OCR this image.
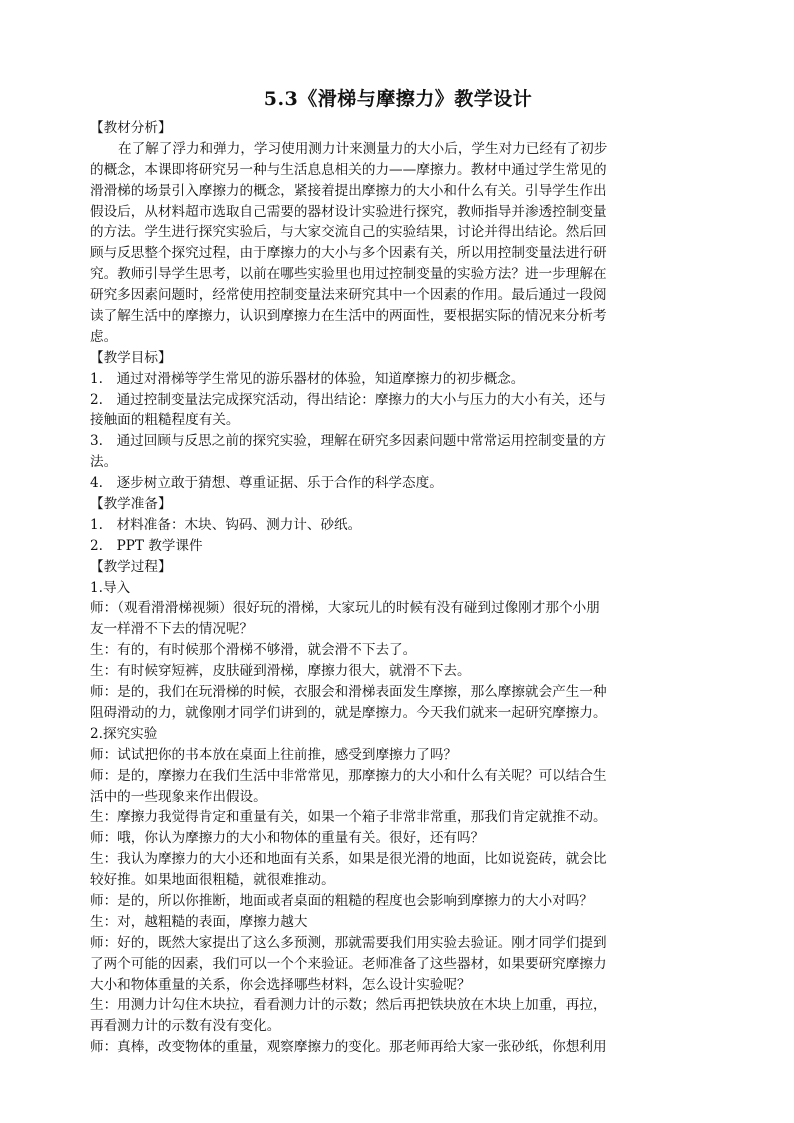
5.3《滑梯与摩擦力》教学设计
【教材分析】
在了解了浮力和弹力，学习使用测力计来测量力的大小后，学生对力已经有了初步
的概念，本课即将研究另一种与生活息息相关的力——摩擦力。教材中通过学生常见的
滑滑梯的场景引入摩擦力的概念，紧接着提出摩擦力的大小和什么有关。引导学生作出
假设后，从材料超市选取自己需要的器材设计实验进行探究，教师指导并渗透控制变量
的方法。学生进行探究实验后，与大家交流自己的实验结果，讨论并得出结论。然后回
顾与反思整个探究过程，由于摩擦力的大小与多个因素有关，所以用控制变量法进行研
究。教师引导学生思考，以前在哪些实验里也用过控制变量的实验方法？进一步理解在
研究多因素问题时，经常使用控制变量法来研究其中一个因素的作用。最后通过一段阅
读了解生活中的摩擦力，认识到摩擦力在生活中的两面性，要根据实际的情况来分析考
虑。
【教学目标】
1.　通过对滑梯等学生常见的游乐器材的体验，知道摩擦力的初步概念。
2.　通过控制变量法完成探究活动，得出结论：摩擦力的大小与压力的大小有关，还与
接触面的粗糙程度有关。
3.　通过回顾与反思之前的探究实验，理解在研究多因素问题中常常运用控制变量的方
法。
4.　逐步树立敢于猜想、尊重证据、乐于合作的科学态度。
【教学准备】
1.　材料准备：木块、钩码、测力计、砂纸。
2.　PPT 教学课件
【教学过程】
1.导入
师：（观看滑滑梯视频）很好玩的滑梯，大家玩儿的时候有没有碰到过像刚才那个小朋
友一样滑不下去的情况呢？
生：有的，有时候那个滑梯不够滑，就会滑不下去了。
生：有时候穿短裤，皮肤碰到滑梯，摩擦力很大，就滑不下去。
师：是的，我们在玩滑梯的时候，衣服会和滑梯表面发生摩擦，那么摩擦就会产生一种
阻碍滑动的力，就像刚才同学们讲到的，就是摩擦力。今天我们就来一起研究摩擦力。
2.探究实验
师：试试把你的书本放在桌面上往前推，感受到摩擦力了吗？
师：是的，摩擦力在我们生活中非常常见，那摩擦力的大小和什么有关呢？可以结合生
活中的一些现象来作出假设。
生：摩擦力我觉得肯定和重量有关，如果一个箱子非常非常重，那我们肯定就推不动。
师：哦，你认为摩擦力的大小和物体的重量有关。很好，还有吗？
生：我认为摩擦力的大小还和地面有关系，如果是很光滑的地面，比如说瓷砖，就会比
较好推。如果地面很粗糙，就很难推动。
师：是的，所以你推断，地面或者桌面的粗糙的程度也会影响到摩擦力的大小对吗？
生：对，越粗糙的表面，摩擦力越大
师：好的，既然大家提出了这么多预测，那就需要我们用实验去验证。刚才同学们提到
了两个可能的因素，我们可以一个个来验证。老师准备了这些器材，如果要研究摩擦力
大小和物体重量的关系，你会选择哪些材料，怎么设计实验呢？
生：用测力计勾住木块拉，看看测力计的示数；然后再把铁块放在木块上加重，再拉，
再看测力计的示数有没有变化。
师：真棒，改变物体的重量，观察摩擦力的变化。那老师再给大家一张砂纸，你想利用
